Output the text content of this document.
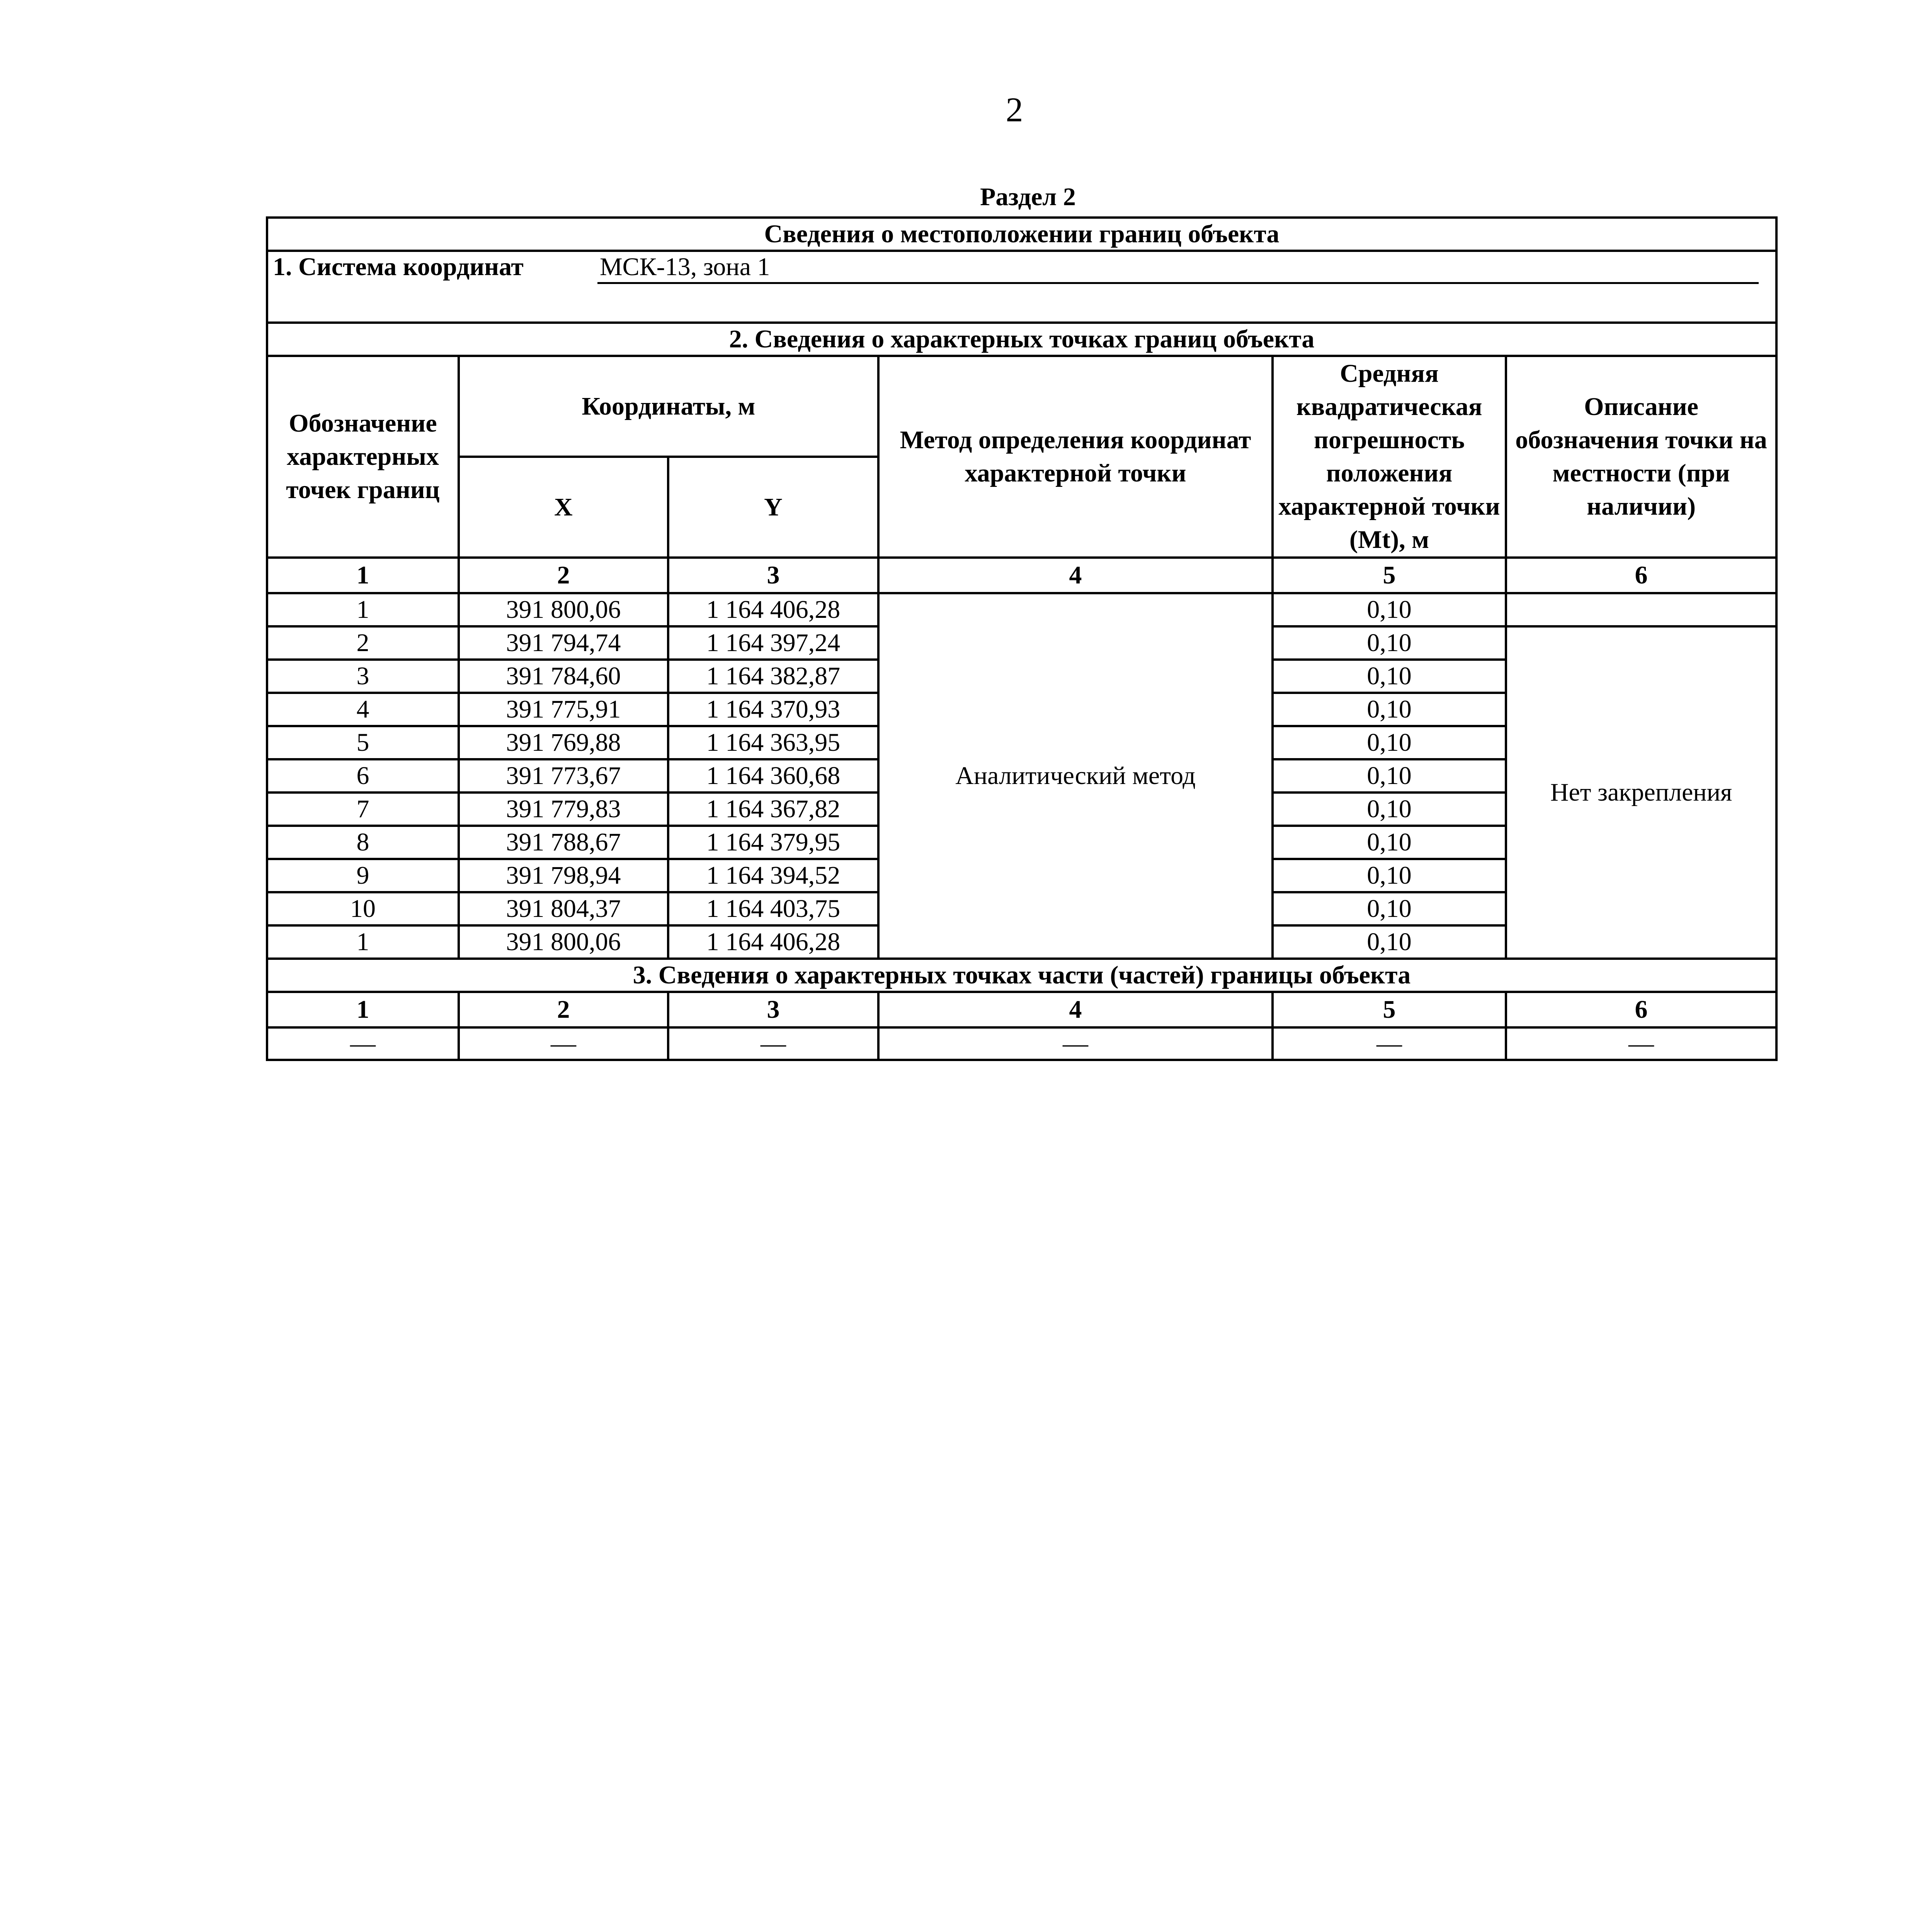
2
Раздел 2
Сведения о местоположении границ объекта					

1. Система координат МСК-13, зона 1					

2. Сведения о характерных точках границ объекта					
Обозначение характерных точек границ	Координаты, м		Метод определения координат характерной точки	Средняя квадратическая погрешность положения характерной точки (Mt), м	Описание обозначения точки на местности (при наличии)
	X	Y			
1	2	3	4	5	6
1	391 800,06	1 164 406,28	Аналитический метод	0,10	
2	391 794,74	1 164 397,24		0,10	Нет закрепления
3	391 784,60	1 164 382,87		0,10	
4	391 775,91	1 164 370,93		0,10	
5	391 769,88	1 164 363,95		0,10	
6	391 773,67	1 164 360,68		0,10	
7	391 779,83	1 164 367,82		0,10	
8	391 788,67	1 164 379,95		0,10	
9	391 798,94	1 164 394,52		0,10	
10	391 804,37	1 164 403,75		0,10	
1	391 800,06	1 164 406,28		0,10	
3. Сведения о характерных точках части (частей) границы объекта					
1	2	3	4	5	6
—	—	—	—	—	—
